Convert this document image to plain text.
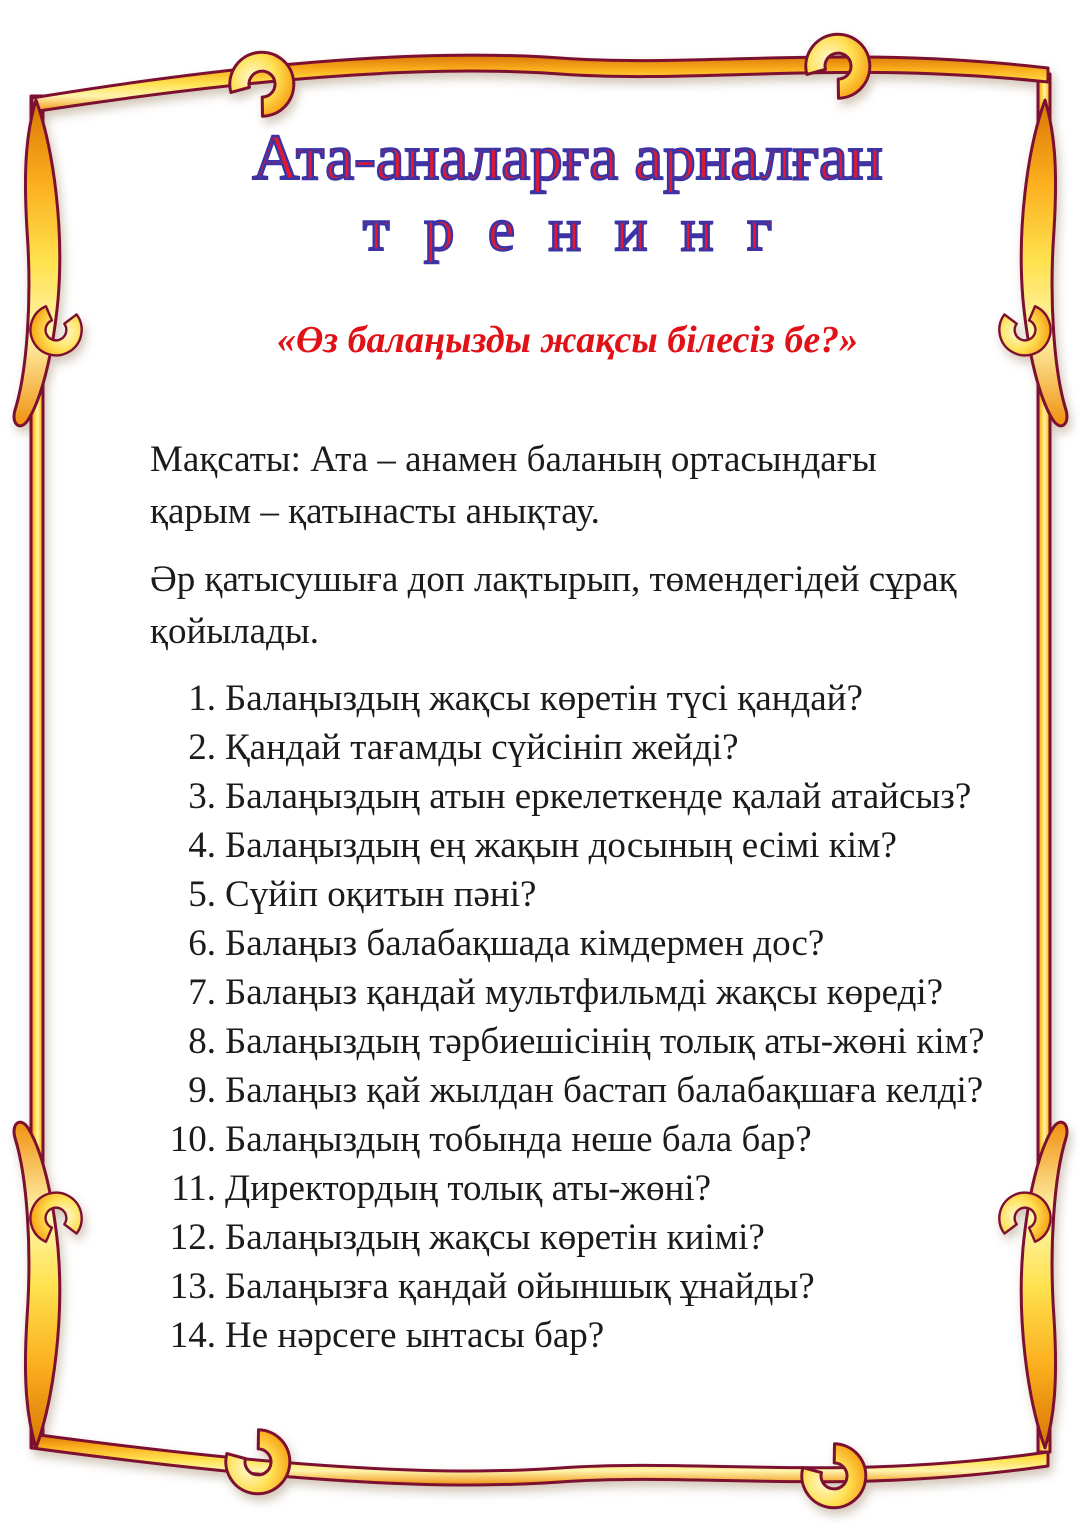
Ата-аналарға арналған
тренинг
«Өз балаңызды жақсы білесіз бе?»

Мақсаты: Ата – анамен баланың ортасындағы қарым – қатынасты анықтау.

Әр қатысушыға доп лақтырып, төмендегідей сұрақ қойылады.

1. Балаңыздың жақсы көретін түсі қандай?
2. Қандай тағамды сүйсініп жейді?
3. Балаңыздың атын еркелеткенде қалай атайсыз?
4. Балаңыздың ең жақын досының есімі кім?
5. Сүйіп оқитын пәні?
6. Балаңыз балабақшада кімдермен дос?
7. Балаңыз қандай мультфильмді жақсы көреді?
8. Балаңыздың тәрбиешісінің толық аты-жөні кім?
9. Балаңыз қай жылдан бастап балабақшаға келді?
10. Балаңыздың тобында неше бала бар?
11. Директордың толық аты-жөні?
12. Балаңыздың жақсы көретін киімі?
13. Балаңызға қандай ойыншық ұнайды?
14. Не нәрсеге ынтасы бар?
